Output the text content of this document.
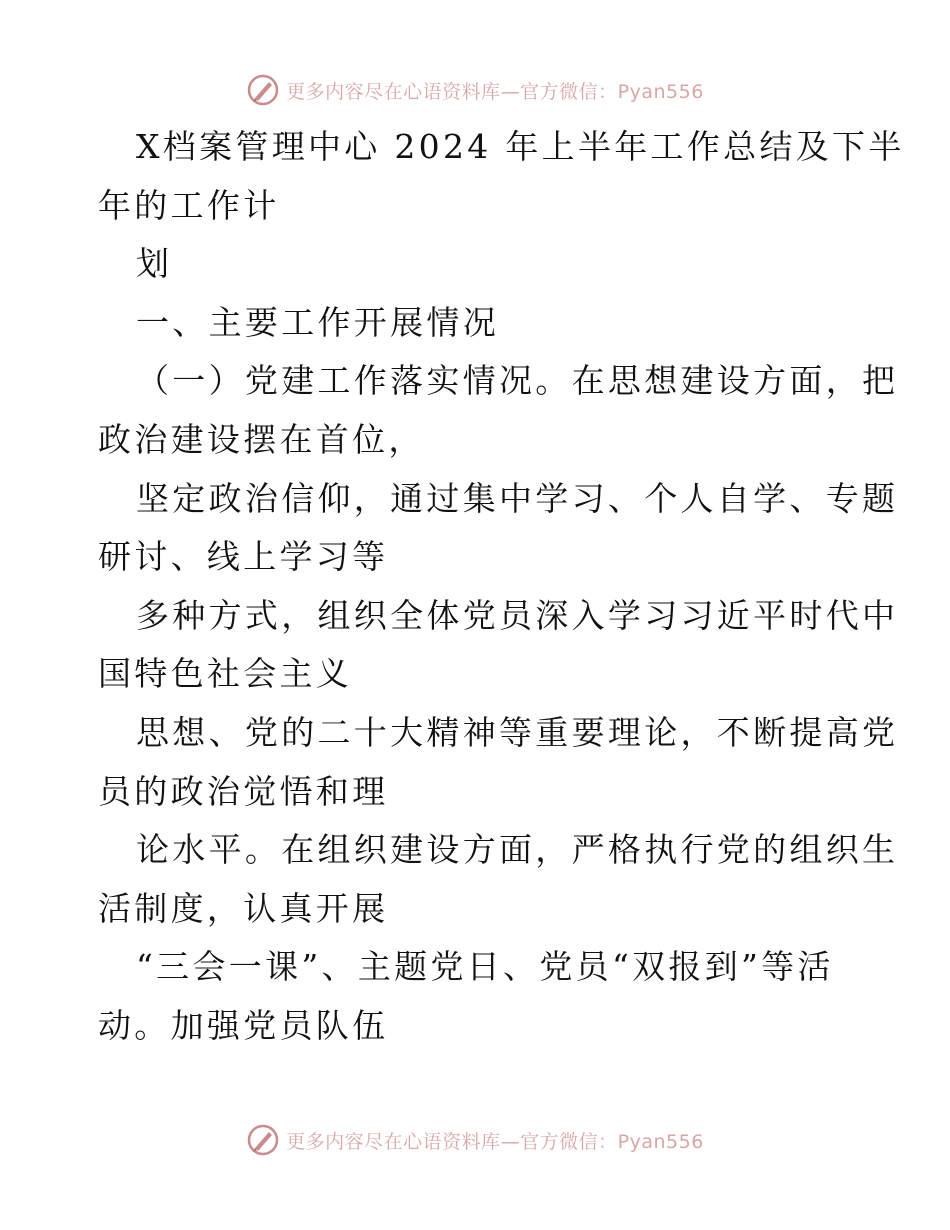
更多内容尽在心语资料库—官方微信：Pyan556
X档案管理中心 2024 年上半年工作总结及下半
年的工作计
划
一、主要工作开展情况
（一）党建工作落实情况。在思想建设方面，把
政治建设摆在首位，
坚定政治信仰，通过集中学习、个人自学、专题
研讨、线上学习等
多种方式，组织全体党员深入学习习近平时代中
国特色社会主义
思想、党的二十大精神等重要理论，不断提高党
员的政治觉悟和理
论水平。在组织建设方面，严格执行党的组织生
活制度，认真开展
“三会一课”、主题党日、党员“双报到”等活
动。加强党员队伍
更多内容尽在心语资料库—官方微信：Pyan556
